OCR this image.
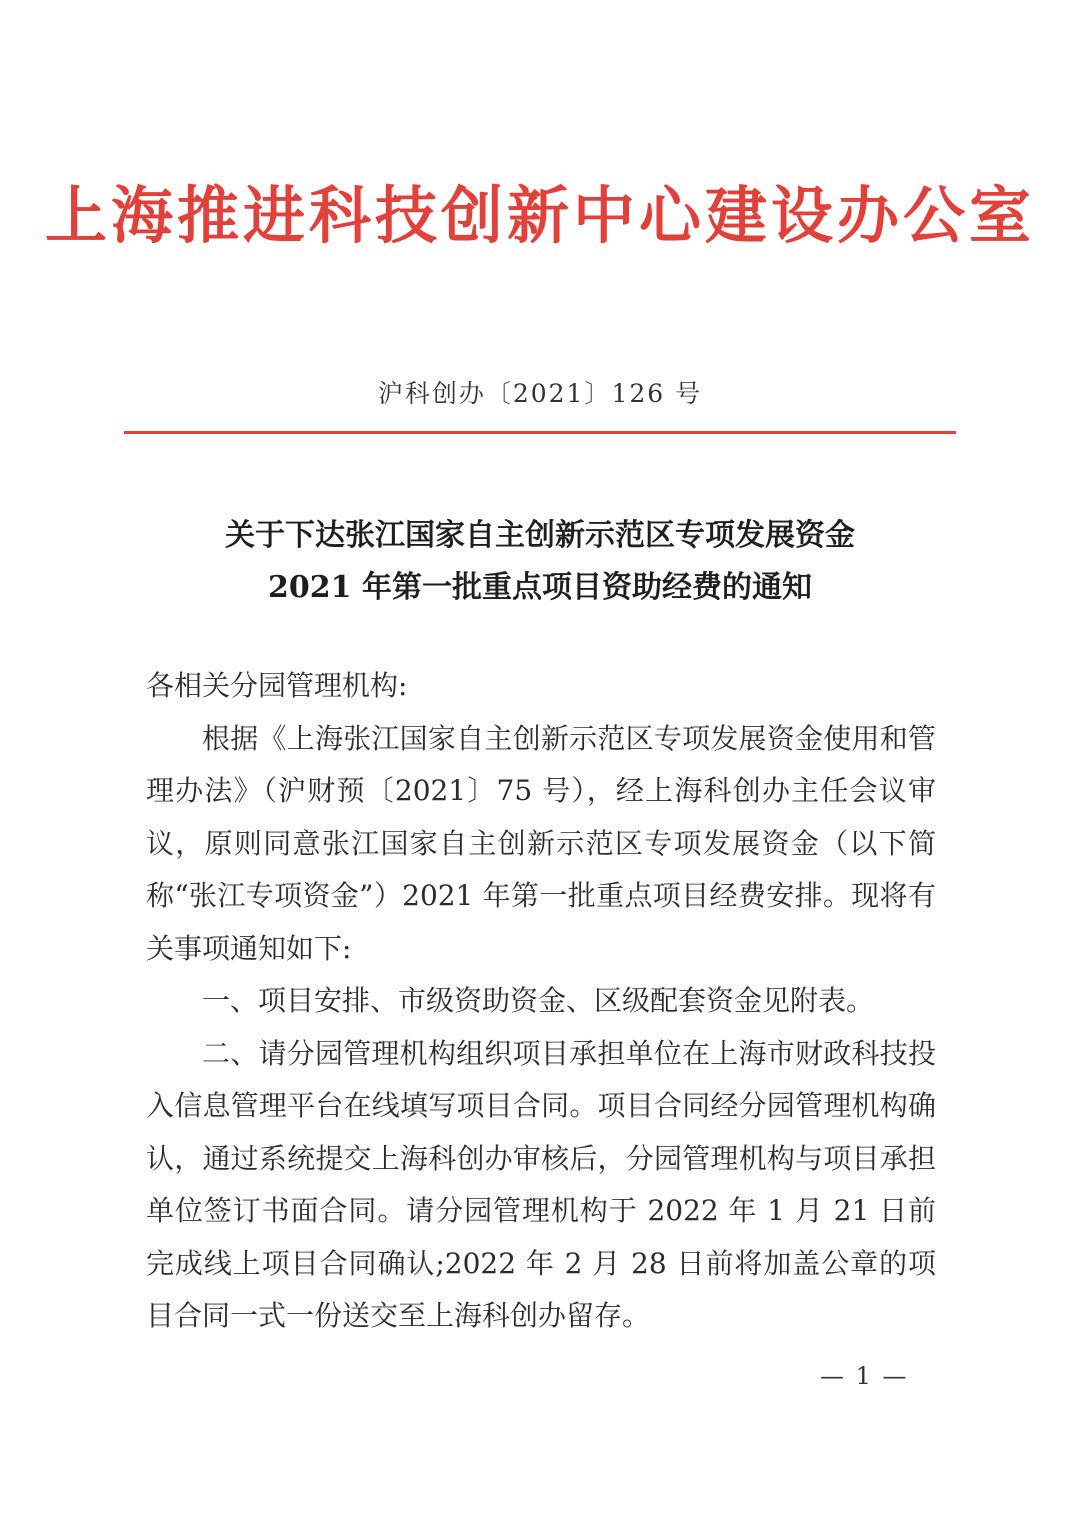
上海推进科技创新中心建设办公室
沪科创办〔2021〕126 号
关于下达张江国家自主创新示范区专项发展资金
2021 年第一批重点项目资助经费的通知

各相关分园管理机构:

根据《上海张江国家自主创新示范区专项发展资金使用和管理办法》（沪财预〔2021〕75 号），经上海科创办主任会议审议，原则同意张江国家自主创新示范区专项发展资金（以下简称“张江专项资金”）2021 年第一批重点项目经费安排。现将有关事项通知如下:

一、项目安排、市级资助资金、区级配套资金见附表。

二、请分园管理机构组织项目承担单位在上海市财政科技投入信息管理平台在线填写项目合同。项目合同经分园管理机构确认，通过系统提交上海科创办审核后，分园管理机构与项目承担单位签订书面合同。请分园管理机构于 2022 年 1 月 21 日前完成线上项目合同确认;2022 年 2 月 28 日前将加盖公章的项目合同一式一份送交至上海科创办留存。

— 1 —
